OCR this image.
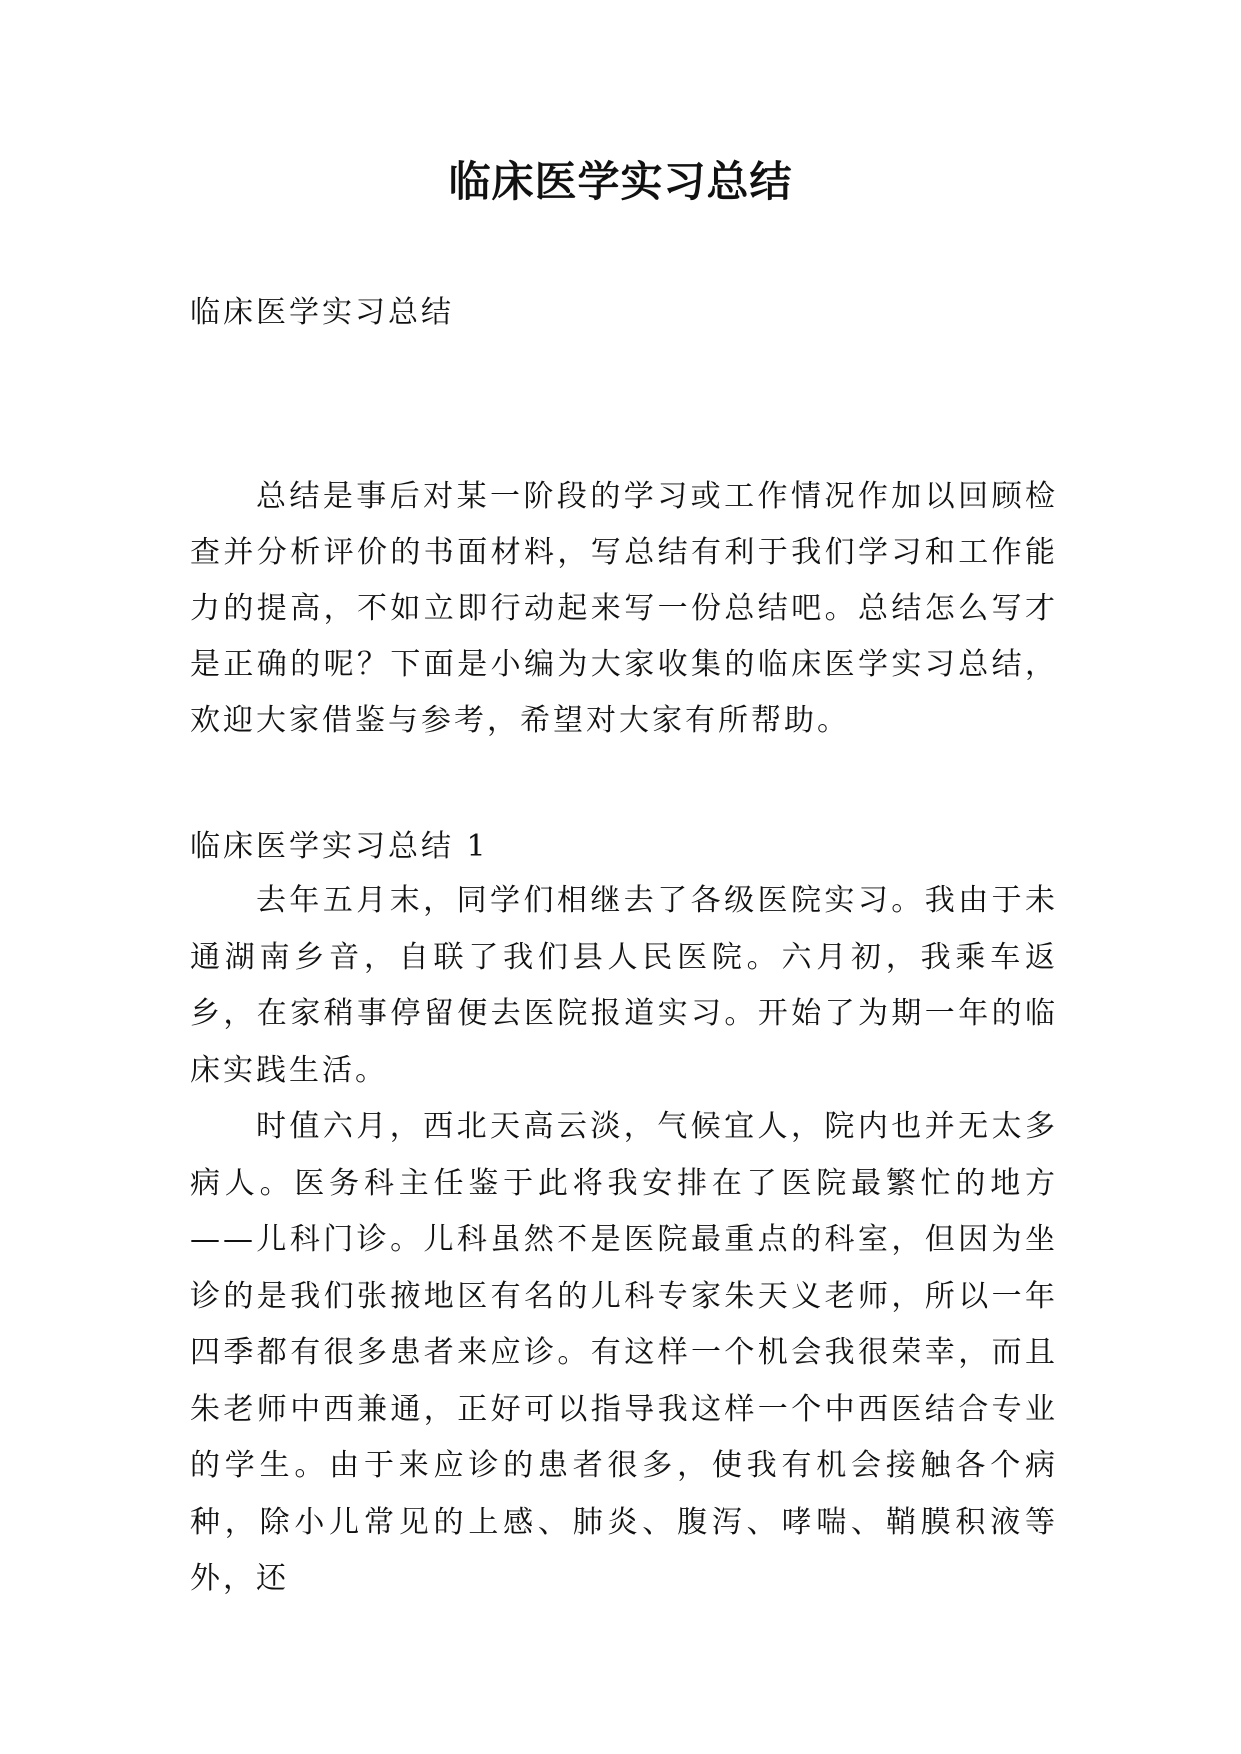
临床医学实习总结
临床医学实习总结
总结是事后对某一阶段的学习或工作情况作加以回顾检查并分析评价的书面材料，写总结有利于我们学习和工作能力的提高，不如立即行动起来写一份总结吧。总结怎么写才是正确的呢？下面是小编为大家收集的临床医学实习总结，欢迎大家借鉴与参考，希望对大家有所帮助。
临床医学实习总结 1

去年五月末，同学们相继去了各级医院实习。我由于未通湖南乡音，自联了我们县人民医院。六月初，我乘车返乡，在家稍事停留便去医院报道实习。开始了为期一年的临床实践生活。

时值六月，西北天高云淡，气候宜人，院内也并无太多病人。医务科主任鉴于此将我安排在了医院最繁忙的地方——儿科门诊。儿科虽然不是医院最重点的科室，但因为坐诊的是我们张掖地区有名的儿科专家朱天义老师，所以一年四季都有很多患者来应诊。有这样一个机会我很荣幸，而且朱老师中西兼通，正好可以指导我这样一个中西医结合专业的学生。由于来应诊的患者很多，使我有机会接触各个病种，除小儿常见的上感、肺炎、腹泻、哮喘、鞘膜积液等外，还
